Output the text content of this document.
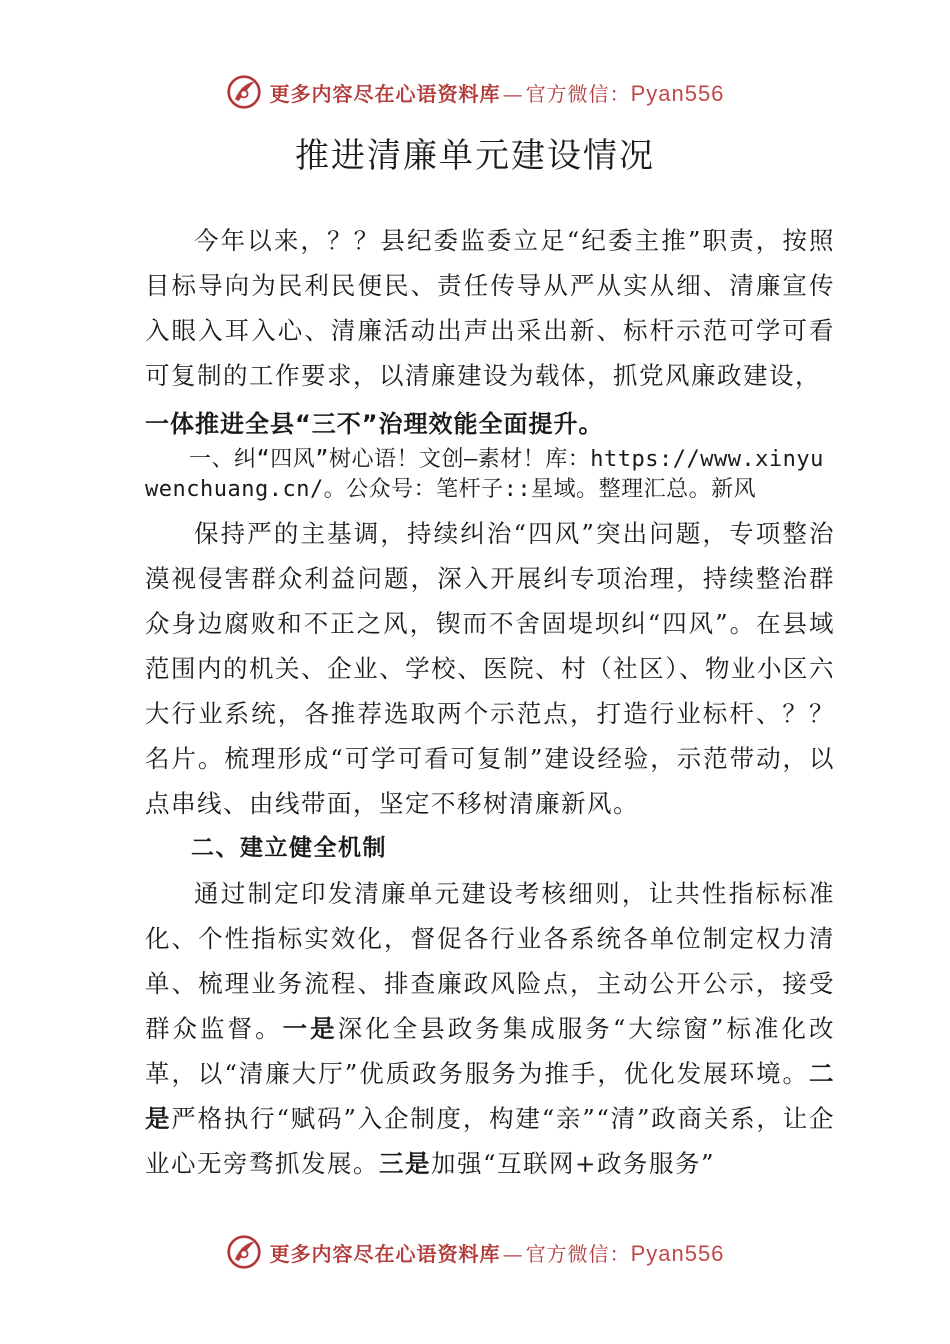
更多内容尽在心语资料库 — 官方微信： Pyan556
推进清廉单元建设情况

今年以来，？？县纪委监委立足“纪委主推”职责，按照目标导向为民利民便民、责任传导从严从实从细、清廉宣传入眼入耳入心、清廉活动出声出采出新、标杆示范可学可看可复制的工作要求，以清廉建设为载体，抓党风廉政建设，

一体推进全县“三不”治理效能全面提升。

一、纠“四风”树心语！文创—素材！库：https://www.xinyuwenchuang.cn/。公众号：笔杆子::星域。整理汇总。新风

保持严的主基调，持续纠治“四风”突出问题，专项整治漠视侵害群众利益问题，深入开展纠专项治理，持续整治群众身边腐败和不正之风，锲而不舍固堤坝纠“四风”。在县域范围内的机关、企业、学校、医院、村（社区）、物业小区六大行业系统，各推荐选取两个示范点，打造行业标杆、？？名片。梳理形成“可学可看可复制”建设经验，示范带动，以点串线、由线带面，坚定不移树清廉新风。

二、建立健全机制

通过制定印发清廉单元建设考核细则，让共性指标标准化、个性指标实效化，督促各行业各系统各单位制定权力清单、梳理业务流程、排查廉政风险点，主动公开公示，接受群众监督。一是深化全县政务集成服务“大综窗”标准化改革，以“清廉大厅”优质政务服务为推手，优化发展环境。二是严格执行“赋码”入企制度，构建“亲”“清”政商关系，让企业心无旁骛抓发展。三是加强“互联网+政务服务”

更多内容尽在心语资料库 — 官方微信： Pyan556
